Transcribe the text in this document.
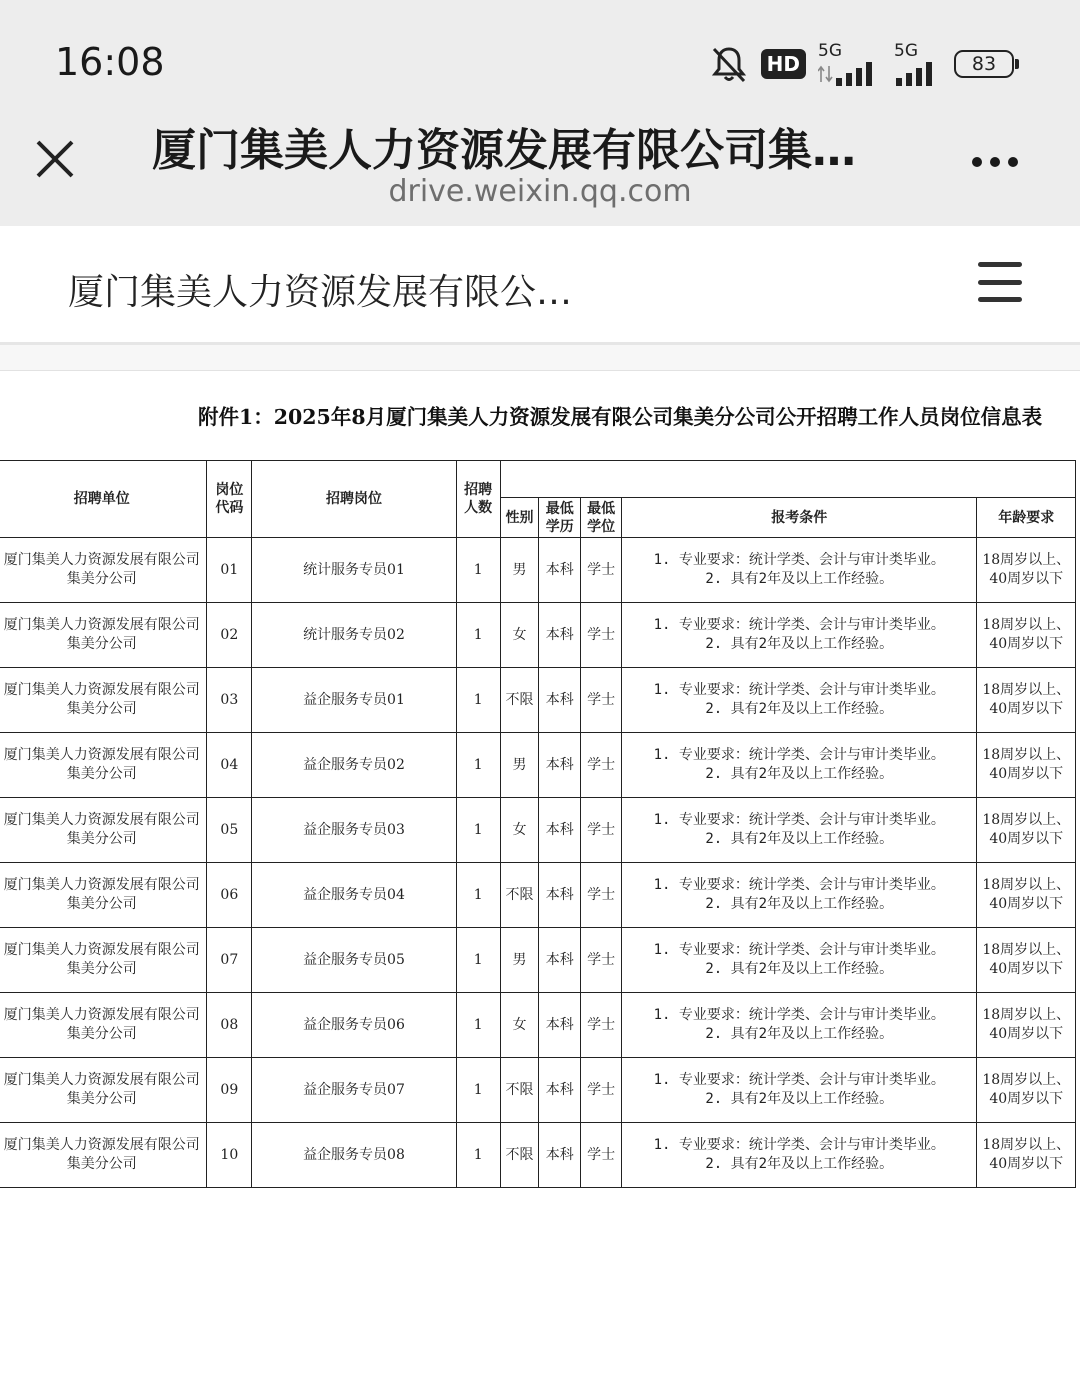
16:08	HD
5G	5G
83
厦门集美人力资源发展有限公司集…
drive.weixin.qq.com
厦门集美人力资源发展有限公…
附件1：2025年8月厦门集美人力资源发展有限公司集美分公司公开招聘工作人员岗位信息表
招聘单位	岗位代码	招聘岗位	招聘人数					
				性别	最低学历	最低学位	报考条件	年龄要求
厦门集美人力资源发展有限公司集美分公司	01	统计服务专员01	1	男	本科	学士	1. 专业要求：统计学类、会计与审计类毕业。
2. 具有2年及以上工作经验。	18周岁以上、40周岁以下
厦门集美人力资源发展有限公司集美分公司	02	统计服务专员02	1	女	本科	学士	1. 专业要求：统计学类、会计与审计类毕业。
2. 具有2年及以上工作经验。	18周岁以上、40周岁以下
厦门集美人力资源发展有限公司集美分公司	03	益企服务专员01	1	不限	本科	学士	1. 专业要求：统计学类、会计与审计类毕业。
2. 具有2年及以上工作经验。	18周岁以上、40周岁以下
厦门集美人力资源发展有限公司集美分公司	04	益企服务专员02	1	男	本科	学士	1. 专业要求：统计学类、会计与审计类毕业。
2. 具有2年及以上工作经验。	18周岁以上、40周岁以下
厦门集美人力资源发展有限公司集美分公司	05	益企服务专员03	1	女	本科	学士	1. 专业要求：统计学类、会计与审计类毕业。
2. 具有2年及以上工作经验。	18周岁以上、40周岁以下
厦门集美人力资源发展有限公司集美分公司	06	益企服务专员04	1	不限	本科	学士	1. 专业要求：统计学类、会计与审计类毕业。
2. 具有2年及以上工作经验。	18周岁以上、40周岁以下
厦门集美人力资源发展有限公司集美分公司	07	益企服务专员05	1	男	本科	学士	1. 专业要求：统计学类、会计与审计类毕业。
2. 具有2年及以上工作经验。	18周岁以上、40周岁以下
厦门集美人力资源发展有限公司集美分公司	08	益企服务专员06	1	女	本科	学士	1. 专业要求：统计学类、会计与审计类毕业。
2. 具有2年及以上工作经验。	18周岁以上、40周岁以下
厦门集美人力资源发展有限公司集美分公司	09	益企服务专员07	1	不限	本科	学士	1. 专业要求：统计学类、会计与审计类毕业。
2. 具有2年及以上工作经验。	18周岁以上、40周岁以下
厦门集美人力资源发展有限公司集美分公司	10	益企服务专员08	1	不限	本科	学士	1. 专业要求：统计学类、会计与审计类毕业。
2. 具有2年及以上工作经验。	18周岁以上、40周岁以下
